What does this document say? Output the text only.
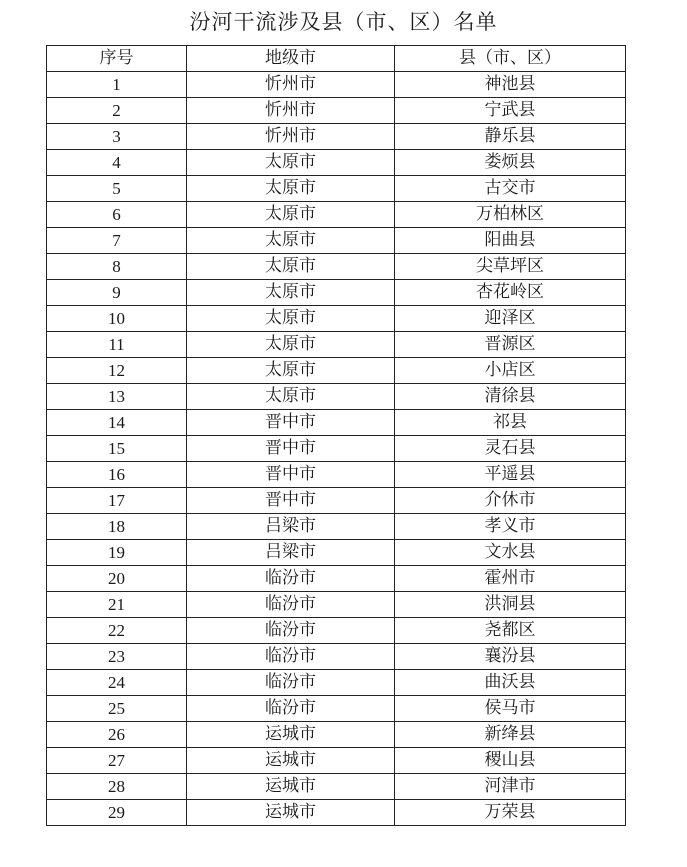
汾河干流涉及县（市、区）名单
序号	地级市	县（市、区）
1	忻州市	神池县
2	忻州市	宁武县
3	忻州市	静乐县
4	太原市	娄烦县
5	太原市	古交市
6	太原市	万柏林区
7	太原市	阳曲县
8	太原市	尖草坪区
9	太原市	杏花岭区
10	太原市	迎泽区
11	太原市	晋源区
12	太原市	小店区
13	太原市	清徐县
14	晋中市	祁县
15	晋中市	灵石县
16	晋中市	平遥县
17	晋中市	介休市
18	吕梁市	孝义市
19	吕梁市	文水县
20	临汾市	霍州市
21	临汾市	洪洞县
22	临汾市	尧都区
23	临汾市	襄汾县
24	临汾市	曲沃县
25	临汾市	侯马市
26	运城市	新绛县
27	运城市	稷山县
28	运城市	河津市
29	运城市	万荣县
